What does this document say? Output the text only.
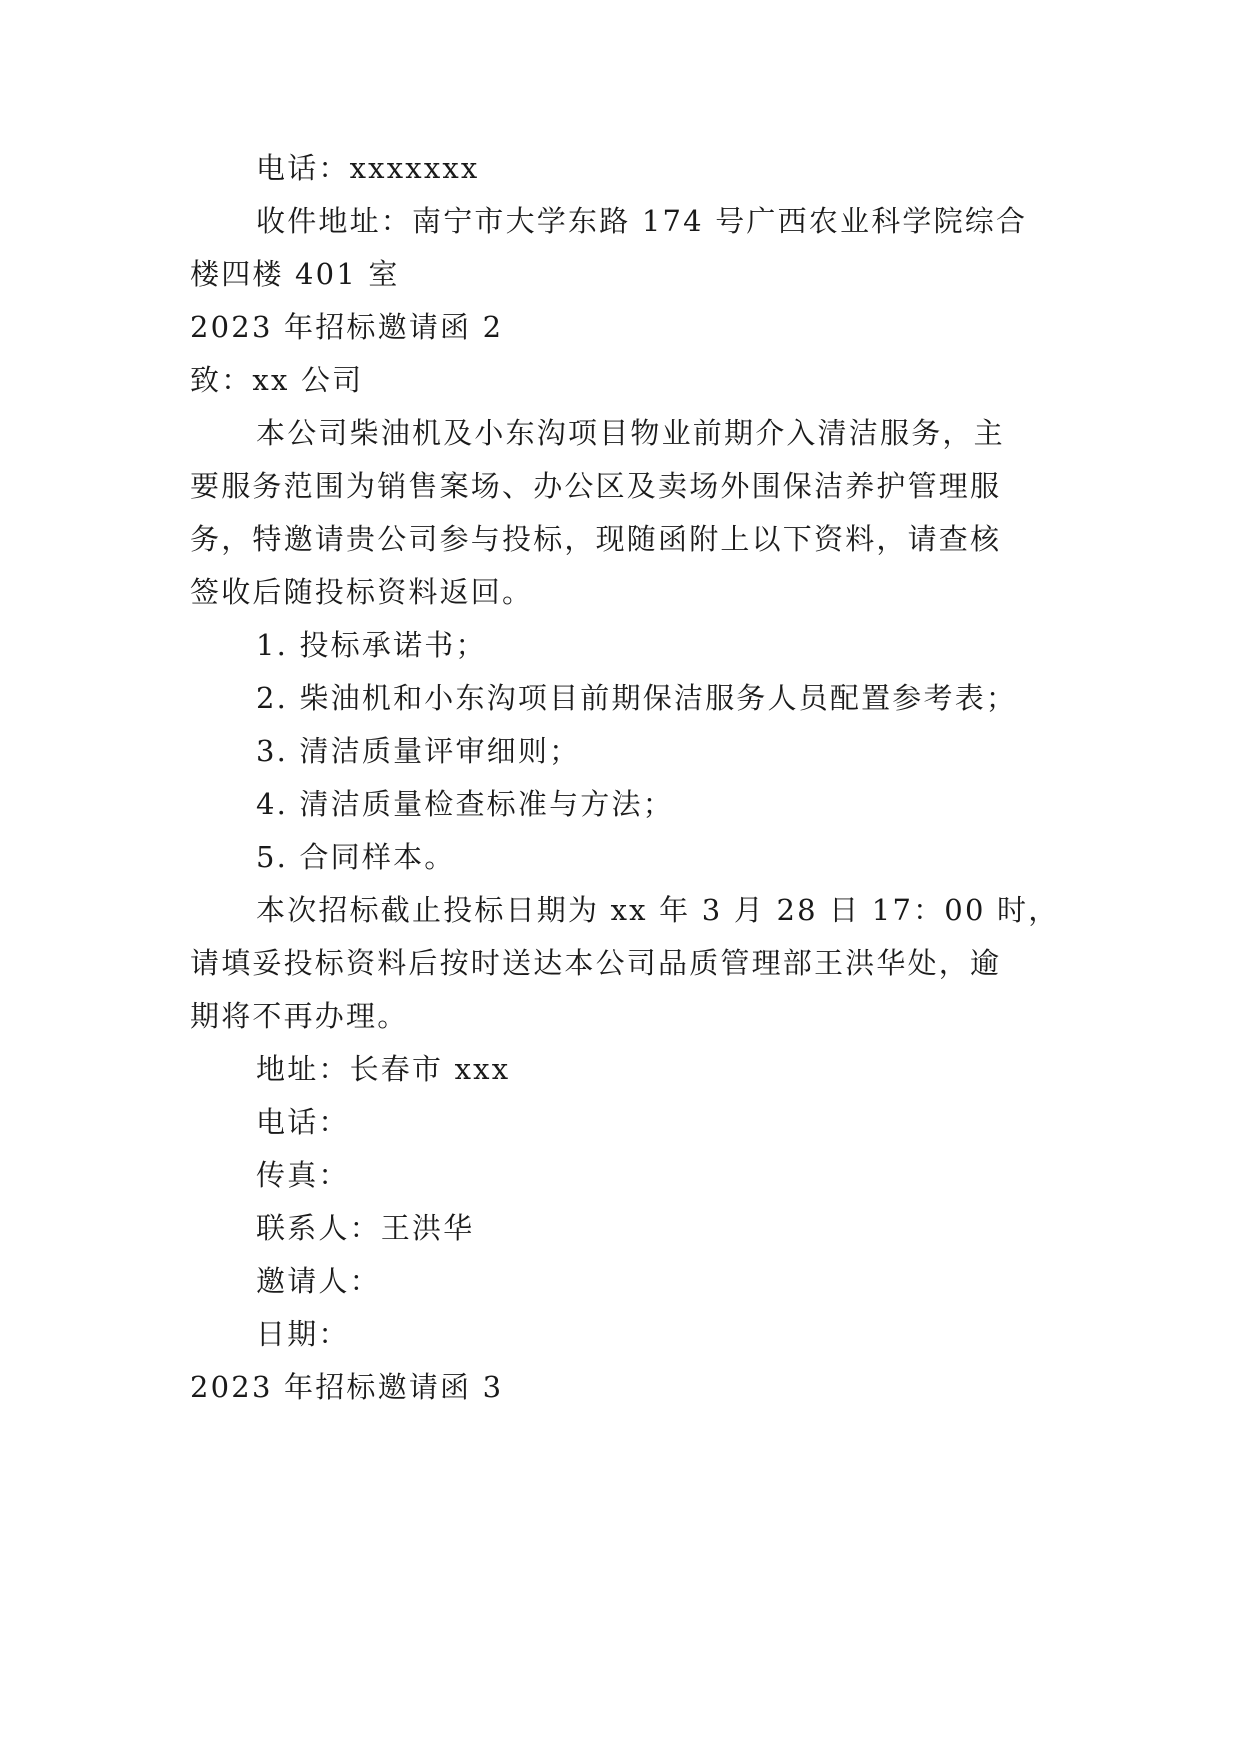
电话：xxxxxxx
收件地址：南宁市大学东路 174 号广西农业科学院综合
楼四楼 401 室
2023 年招标邀请函 2
致：xx 公司
本公司柴油机及小东沟项目物业前期介入清洁服务，主
要服务范围为销售案场、办公区及卖场外围保洁养护管理服
务，特邀请贵公司参与投标，现随函附上以下资料，请查核
签收后随投标资料返回。
1. 投标承诺书；
2. 柴油机和小东沟项目前期保洁服务人员配置参考表；
3. 清洁质量评审细则；
4. 清洁质量检查标准与方法；
5. 合同样本。
本次招标截止投标日期为 xx 年 3 月 28 日 17：00 时，
请填妥投标资料后按时送达本公司品质管理部王洪华处，逾
期将不再办理。
地址：长春市 xxx
电话：
传真：
联系人：王洪华
邀请人：
日期：
2023 年招标邀请函 3
